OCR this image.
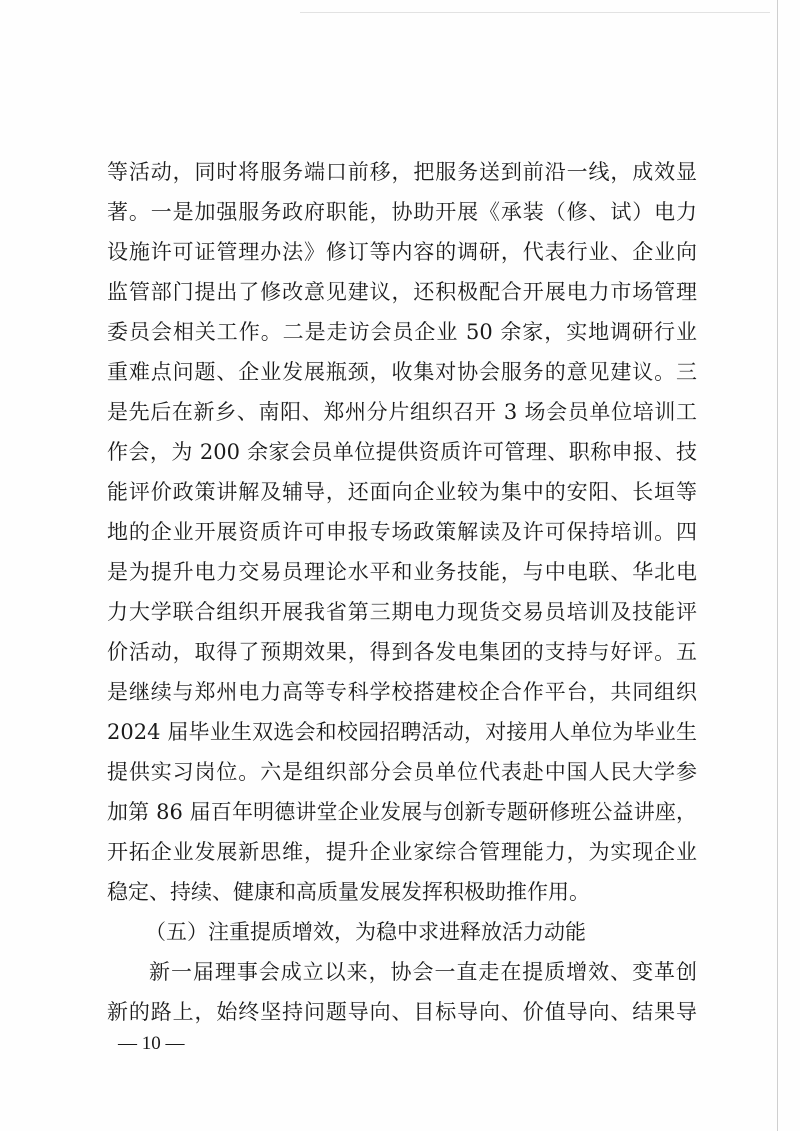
等活动，同时将服务端口前移，把服务送到前沿一线，成效显
著。一是加强服务政府职能，协助开展《承装（修、试）电力
设施许可证管理办法》修订等内容的调研，代表行业、企业向
监管部门提出了修改意见建议，还积极配合开展电力市场管理
委员会相关工作。二是走访会员企业 50 余家，实地调研行业
重难点问题、企业发展瓶颈，收集对协会服务的意见建议。三
是先后在新乡、南阳、郑州分片组织召开 3 场会员单位培训工
作会，为 200 余家会员单位提供资质许可管理、职称申报、技
能评价政策讲解及辅导，还面向企业较为集中的安阳、长垣等
地的企业开展资质许可申报专场政策解读及许可保持培训。四
是为提升电力交易员理论水平和业务技能，与中电联、华北电
力大学联合组织开展我省第三期电力现货交易员培训及技能评
价活动，取得了预期效果，得到各发电集团的支持与好评。五
是继续与郑州电力高等专科学校搭建校企合作平台，共同组织
2024 届毕业生双选会和校园招聘活动，对接用人单位为毕业生
提供实习岗位。六是组织部分会员单位代表赴中国人民大学参
加第 86 届百年明德讲堂企业发展与创新专题研修班公益讲座，
开拓企业发展新思维，提升企业家综合管理能力，为实现企业
稳定、持续、健康和高质量发展发挥积极助推作用。
（五）注重提质增效，为稳中求进释放活力动能
新一届理事会成立以来，协会一直走在提质增效、变革创
新的路上，始终坚持问题导向、目标导向、价值导向、结果导
— 10 —
